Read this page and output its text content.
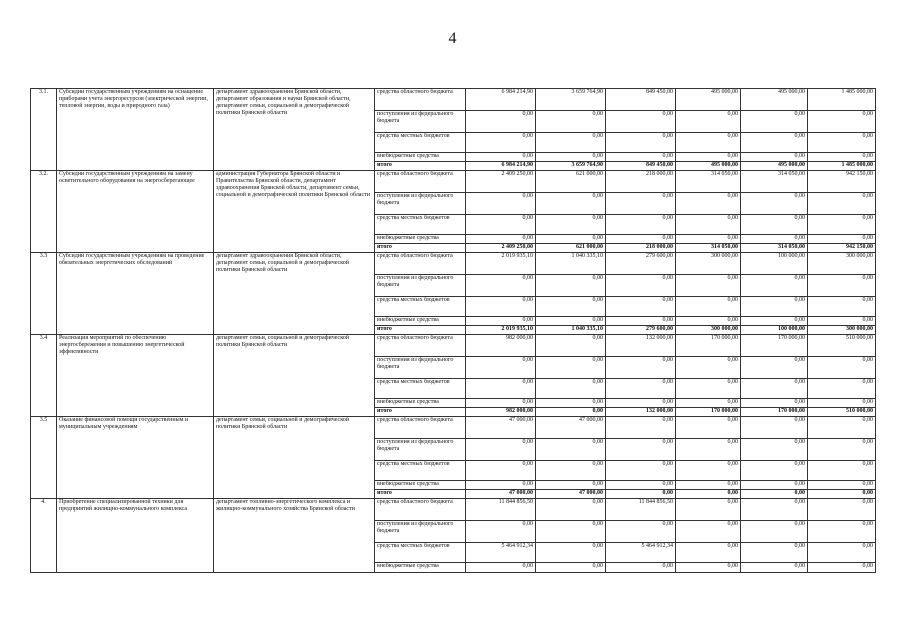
4
3.1.	Субсидии государственным учреждениям на оснащение приборами учета энергоресурсов (электрической энергии, тепловой энергии, воды и природного газа)	департамент здравоохранения Брянской области, департамент образования и науки Брянской области, департамент семьи, социальной и демографической политики Брянской области	средства областного бюджета	6 984 214,90	3 659 764,90	849 450,00	495 000,00	495 000,00	1 485 000,00
			поступления из федерального бюджета	0,00	0,00	0,00	0,00	0,00	0,00
			средства местных бюджетов	0,00	0,00	0,00	0,00	0,00	0,00
			внебюджетные средства	0,00	0,00	0,00	0,00	0,00	0,00
			итого	6 984 214,90	3 659 764,90	849 450,00	495 000,00	495 000,00	1 485 000,00
3.2.	Субсидии государственным учреждениям на замену осветительного оборудования на энергосберегающее	администрация Губернатора Брянской области и Правительства Брянской области, департамент здравоохранения Брянской области, департамент семьи, социальной и демографической политики Брянской области	средства областного бюджета	2 409 250,00	621 000,00	218 000,00	314 050,00	314 050,00	942 150,00
			поступления из федерального бюджета	0,00	0,00	0,00	0,00	0,00	0,00
			средства местных бюджетов	0,00	0,00	0,00	0,00	0,00	0,00
			внебюджетные средства	0,00	0,00	0,00	0,00	0,00	0,00
			итого	2 409 250,00	621 000,00	218 000,00	314 050,00	314 050,00	942 150,00
3.3	Субсидии государственным учреждениям на проведение обязательных энергетических обследований	департамент здравоохранения Брянской области, департамент семьи, социальной и демографической политики Брянской области	средства областного бюджета	2 019 935,10	1 040 335,10	279 600,00	300 000,00	100 000,00	300 000,00
			поступления из федерального бюджета	0,00	0,00	0,00	0,00	0,00	0,00
			средства местных бюджетов	0,00	0,00	0,00	0,00	0,00	0,00
			внебюджетные средства	0,00	0,00	0,00	0,00	0,00	0,00
			итого	2 019 935,10	1 040 335,10	279 600,00	300 000,00	100 000,00	300 000,00
3.4	Реализация мероприятий по обеспечению энергосбережения и повышению энергетической эффективности	департамент семьи, социальной и демографической политики Брянской области	средства областного бюджета	982 000,00	0,00	132 000,00	170 000,00	170 000,00	510 000,00
			поступления из федерального бюджета	0,00	0,00	0,00	0,00	0,00	0,00
			средства местных бюджетов	0,00	0,00	0,00	0,00	0,00	0,00
			внебюджетные средства	0,00	0,00	0,00	0,00	0,00	0,00
			итого	982 000,00	0,00	132 000,00	170 000,00	170 000,00	510 000,00
3.5	Оказание финансовой помощи государственным и муниципальным учреждениям	департамент семьи, социальной и демографической политики Брянской области	средства областного бюджета	47 000,00	47 000,00	0,00	0,00	0,00	0,00
			поступления из федерального бюджета	0,00	0,00	0,00	0,00	0,00	0,00
			средства местных бюджетов	0,00	0,00	0,00	0,00	0,00	0,00
			внебюджетные средства	0,00	0,00	0,00	0,00	0,00	0,00
			итого	47 000,00	47 000,00	0,00	0,00	0,00	0,00
4.	Приобретение специализированной техники для предприятий жилищно-коммунального комплекса	департамент топливно-энергетического комплекса и жилищно-коммунального хозяйства Брянской области	средства областного бюджета	11 844 856,50	0,00	11 844 856,50	0,00	0,00	0,00
			поступления из федерального бюджета	0,00	0,00	0,00	0,00	0,00	0,00
			средства местных бюджетов	5 464 912,34	0,00	5 464 912,34	0,00	0,00	0,00
			внебюджетные средства	0,00	0,00	0,00	0,00	0,00	0,00
